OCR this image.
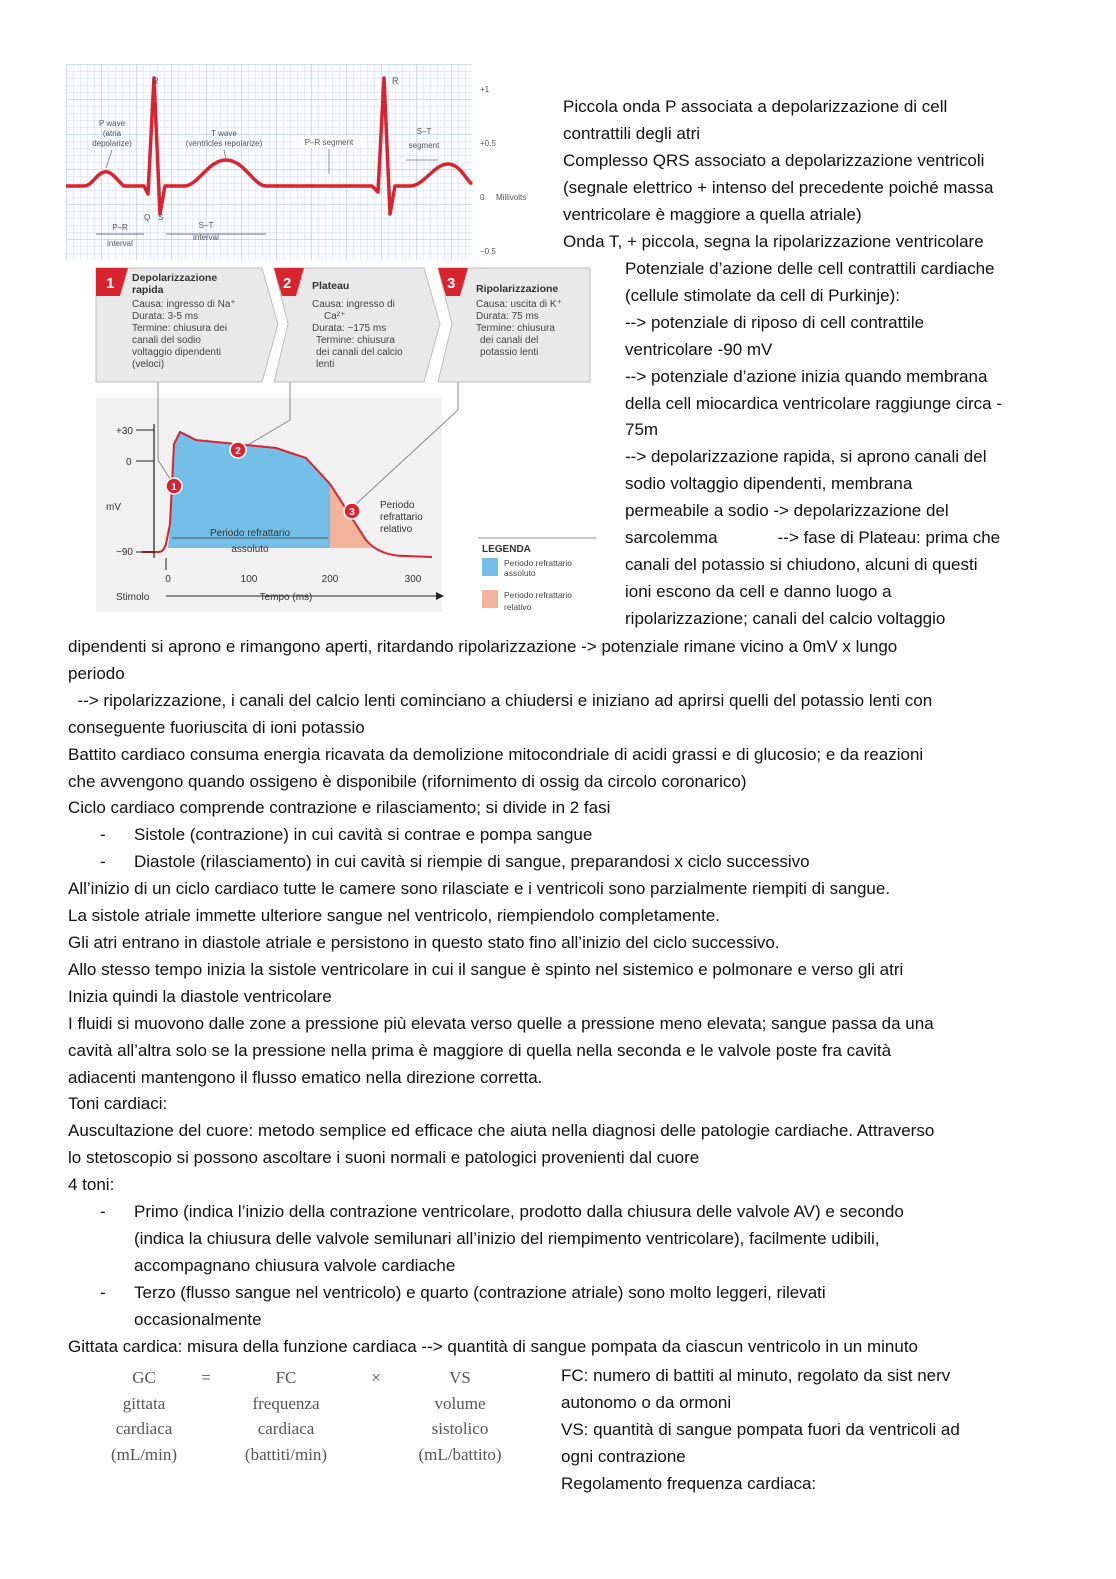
R	R
P wave
(atria
depolarize)
T wave
(ventricles repolarize)	P–R segment
S–T
segment
Q S
P–R
interval
S–T
interval
+1
+0.5
0
−0.5
Millivolts
1 Depolarizzazione
rapida
Causa: ingresso di Na⁺
Durata: 3-5 ms
Termine: chiusura dei
canali del sodio
voltaggio dipendenti
(veloci)
2 Plateau
Causa: ingresso di
Ca²⁺
Durata: ~175 ms
Termine: chiusura
dei canali del calcio
lenti
3 Ripolarizzazione
Causa: uscita di K⁺
Durata: 75 ms
Termine: chiusura
dei canali del
potassio lenti
+30
0
−90
mV
0	100	200	300
Stimolo	Tempo (ms)
Periodo refrattario
assoluto
Periodo
refrattario
relativo
1
2
3
LEGENDA
Periodo refrattario
assoluto
Periodo refrattario
relativo

Piccola onda P associata a depolarizzazione di cell

contrattili degli atri

Complesso QRS associato a depolarizzazione ventricoli

(segnale elettrico + intenso del precedente poiché massa

ventricolare è maggiore a quella atriale)

Onda T, + piccola, segna la ripolarizzazione ventricolare

Potenziale d’azione delle cell contrattili cardiache

(cellule stimolate da cell di Purkinje):

--> potenziale di riposo di cell contrattile

ventricolare -90 mV

--> potenziale d’azione inizia quando membrana

della cell miocardica ventricolare raggiunge circa -

75m

--> depolarizzazione rapida, si aprono canali del

sodio voltaggio dipendenti, membrana

permeabile a sodio -> depolarizzazione del

sarcolemma	--> fase di Plateau: prima che

canali del potassio si chiudono, alcuni di questi

ioni escono da cell e danno luogo a

ripolarizzazione; canali del calcio voltaggio

dipendenti si aprono e rimangono aperti, ritardando ripolarizzazione -> potenziale rimane vicino a 0mV x lungo

periodo

--> ripolarizzazione, i canali del calcio lenti cominciano a chiudersi e iniziano ad aprirsi quelli del potassio lenti con

conseguente fuoriuscita di ioni potassio

Battito cardiaco consuma energia ricavata da demolizione mitocondriale di acidi grassi e di glucosio; e da reazioni

che avvengono quando ossigeno è disponibile (rifornimento di ossig da circolo coronarico)

Ciclo cardiaco comprende contrazione e rilasciamento; si divide in 2 fasi

- Sistole (contrazione) in cui cavità si contrae e pompa sangue
- Diastole (rilasciamento) in cui cavità si riempie di sangue, preparandosi x ciclo successivo

All’inizio di un ciclo cardiaco tutte le camere sono rilasciate e i ventricoli sono parzialmente riempiti di sangue.

La sistole atriale immette ulteriore sangue nel ventricolo, riempiendolo completamente.

Gli atri entrano in diastole atriale e persistono in questo stato fino all’inizio del ciclo successivo.

Allo stesso tempo inizia la sistole ventricolare in cui il sangue è spinto nel sistemico e polmonare e verso gli atri

Inizia quindi la diastole ventricolare

I fluidi si muovono dalle zone a pressione più elevata verso quelle a pressione meno elevata; sangue passa da una

cavità all’altra solo se la pressione nella prima è maggiore di quella nella seconda e le valvole poste fra cavità

adiacenti mantengono il flusso ematico nella direzione corretta.

Toni cardiaci:

Auscultazione del cuore: metodo semplice ed efficace che aiuta nella diagnosi delle patologie cardiache. Attraverso

lo stetoscopio si possono ascoltare i suoni normali e patologici provenienti dal cuore

4 toni:

- Primo (indica l’inizio della contrazione ventricolare, prodotto dalla chiusura delle valvole AV) e secondo
(indica la chiusura delle valvole semilunari all’inizio del riempimento ventricolare), facilmente udibili,
accompagnano chiusura valvole cardiache
- Terzo (flusso sangue nel ventricolo) e quarto (contrazione atriale) sono molto leggeri, rilevati
occasionalmente

Gittata cardica: misura della funzione cardiaca --> quantità di sangue pompata da ciascun ventricolo in un minuto

GC
gittata
cardiaca
(mL/min)
=	FC
frequenza
cardiaca
(battiti/min)
×	VS
volume
sistolico
(mL/battito)

FC: numero di battiti al minuto, regolato da sist nerv

autonomo o da ormoni

VS: quantità di sangue pompata fuori da ventricoli ad

ogni contrazione

Regolamento frequenza cardiaca:
